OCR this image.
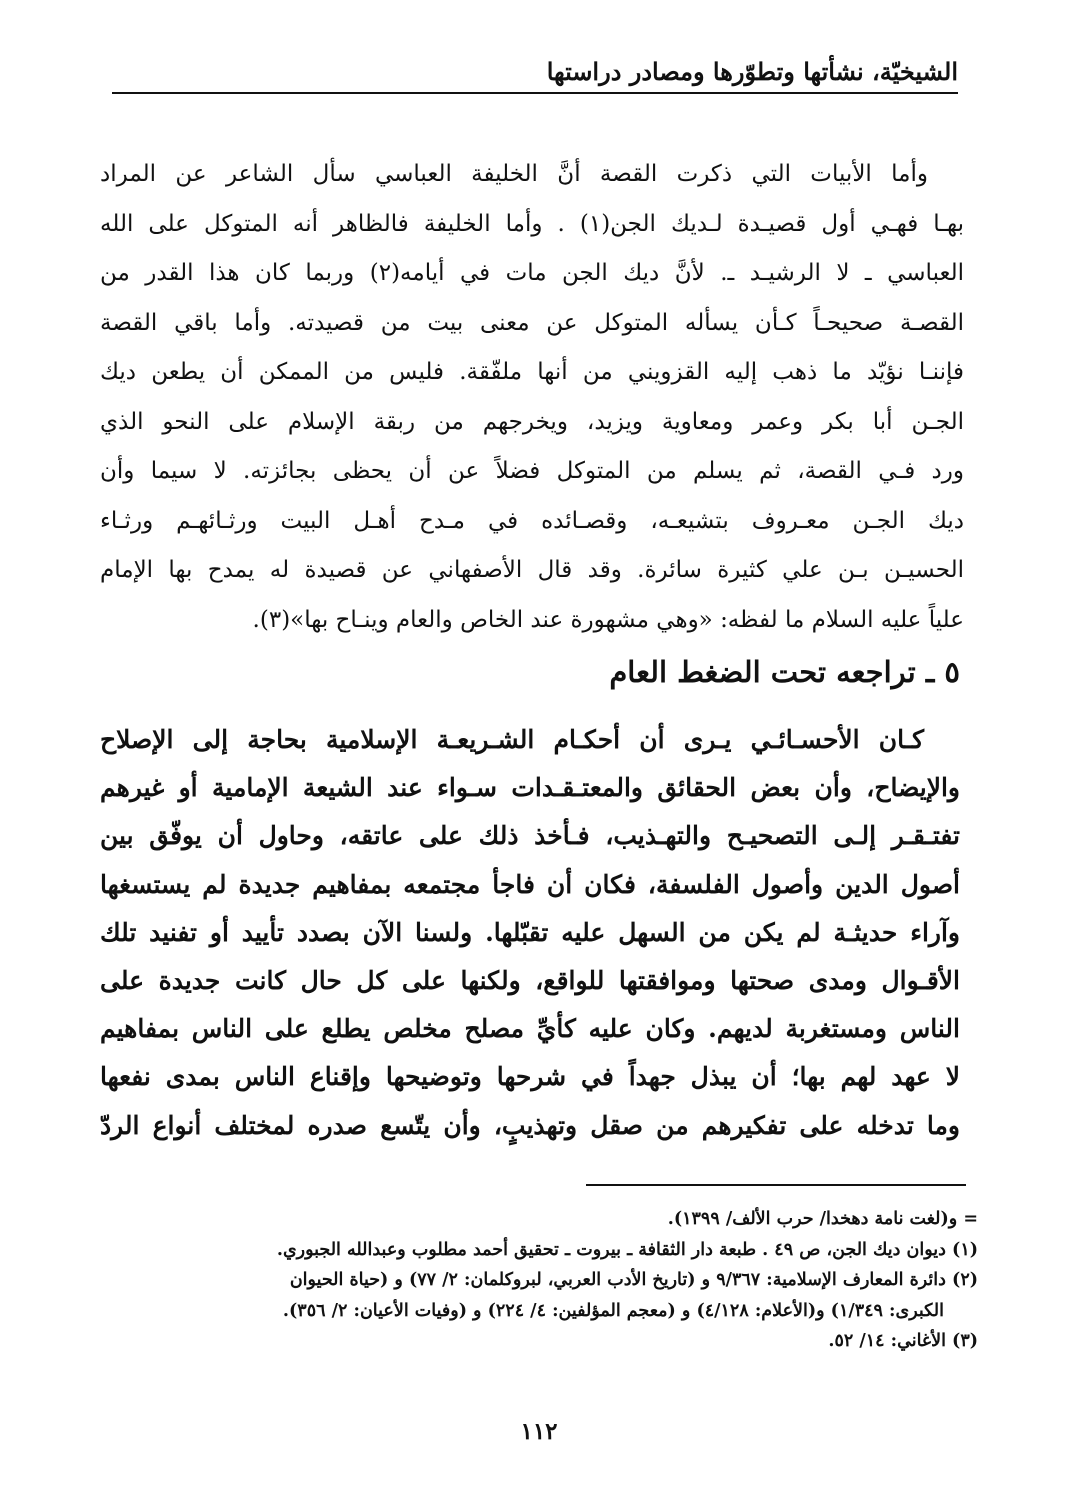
الشيخيّة، نشأتها وتطوّرها ومصادر دراستها
وأما الأبيات التي ذكرت القصة أنَّ الخليفة العباسي سأل الشاعر عن المراد
بهـا فهـي أول قصيـدة لـديك الجن(١) . وأما الخليفة فالظاهر أنه المتوكل على الله
العباسي ـ لا الرشيـد ـ. لأنَّ ديك الجن مات في أيامه(٢) وربما كان هذا القدر من
القصـة صحيحـاً كـأن يسأله المتوكل عن معنى بيت من قصيدته. وأما باقي القصة
فإننـا نؤيّد ما ذهب إليه القزويني من أنها ملفّقة. فليس من الممكن أن يطعن ديك
الجـن أبا بكر وعمر ومعاوية ويزيد، ويخرجهم من ربقة الإسلام على النحو الذي
ورد فـي القصة، ثم يسلم من المتوكل فضلاً عن أن يحظى بجائزته. لا سيما وأن
ديك الجـن معـروف بتشيعـه، وقصـائده في مـدح أهـل البيت ورثـائهـم ورثـاء
الحسيـن بـن علي كثيرة سائرة. وقد قال الأصفهاني عن قصيدة له يمدح بها الإمام
علياً عليه السلام ما لفظه: «وهي مشهورة عند الخاص والعام وينـاح بها»(٣).
٥ ـ تراجعه تحت الضغط العام
كـان الأحسـائـي يـرى أن أحكـام الشـريعـة الإسلامية بحاجة إلى الإصلاح
والإيضاح، وأن بعض الحقائق والمعتـقـدات سـواء عند الشيعة الإمامية أو غيرهم
تفتـقـر إلـى التصحيـح والتهـذيب، فـأخذ ذلك على عاتقه، وحاول أن يوفّق بين
أصول الدين وأصول الفلسفة، فكان أن فاجأ مجتمعه بمفاهيم جديدة لم يستسغها
وآراء حديثـة لم يكن من السهل عليه تقبّلها. ولسنا الآن بصدد تأييد أو تفنيد تلك
الأقـوال ومدى صحتها وموافقتها للواقع، ولكنها على كل حال كانت جديدة على
الناس ومستغربة لديهم. وكان عليه كأيِّ مصلح مخلص يطلع على الناس بمفاهيم
لا عهد لهم بها؛ أن يبذل جهداً في شرحها وتوضيحها وإقناع الناس بمدى نفعها
وما تدخله على تفكيرهم من صقل وتهذيبٍ، وأن يتّسع صدره لمختلف أنواع الردّ
= و(لغت نامة دهخدا/ حرب الألف/ ١٣٩٩).
(١) ديوان ديك الجن، ص ٤٩ . طبعة دار الثقافة ـ بيروت ـ تحقيق أحمد مطلوب وعبدالله الجبوري.
(٢) دائرة المعارف الإسلامية: ٩/٣٦٧ و (تاريخ الأدب العربي، لبروكلمان: ٢/ ٧٧) و (حياة الحيوان
الكبرى: ١/٣٤٩) و(الأعلام: ٤/١٢٨) و (معجم المؤلفين: ٤/ ٢٢٤) و (وفيات الأعيان: ٢/ ٣٥٦).
(٣) الأغاني: ١٤/ ٥٢.
١١٢
